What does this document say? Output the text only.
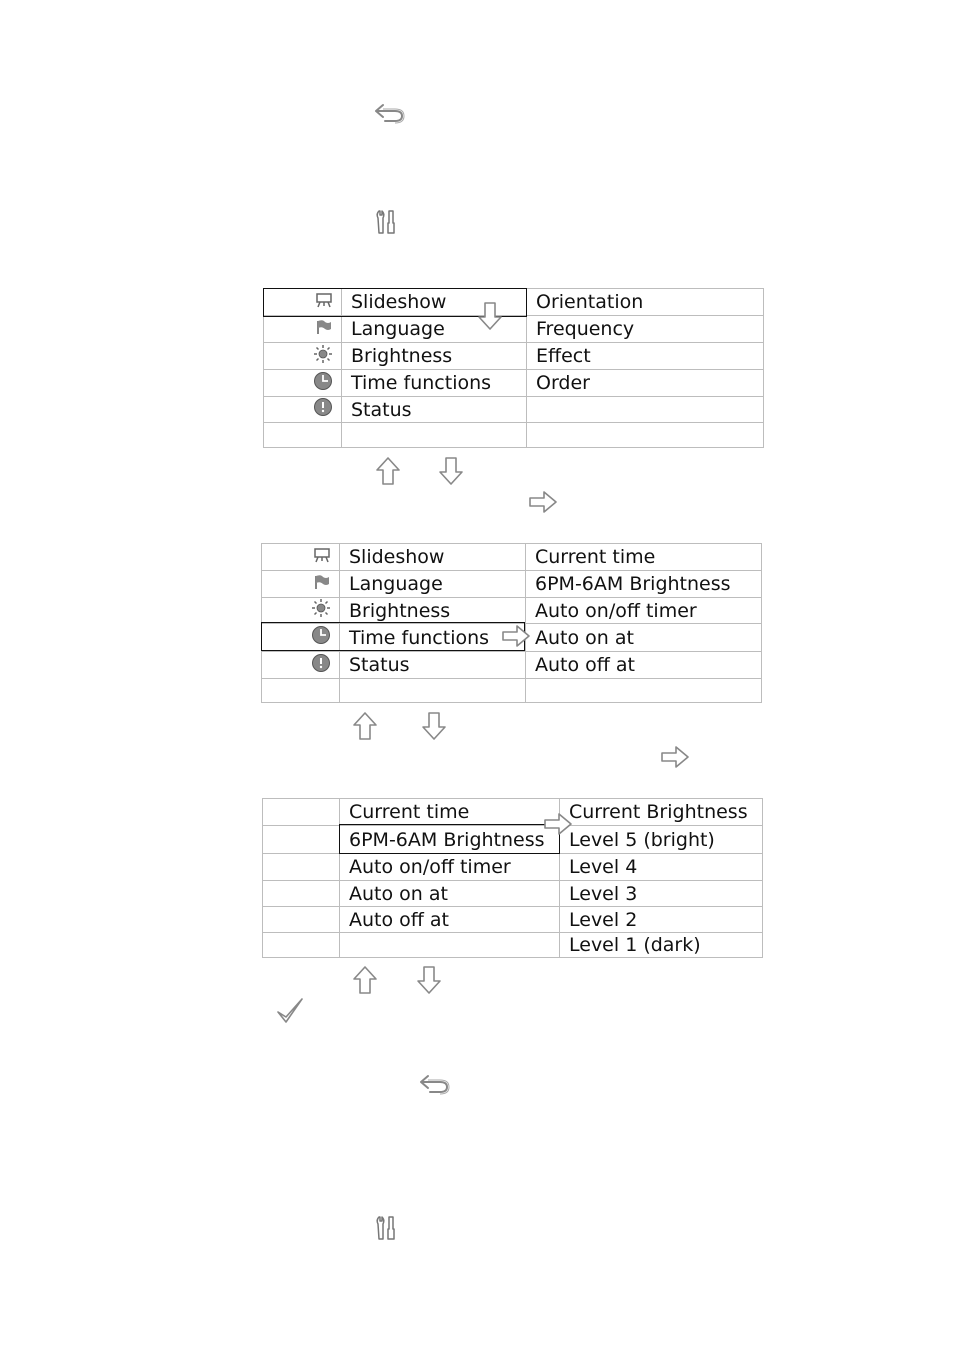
	Slideshow	Orientation
	Language	Frequency
	Brightness	Effect
	Time functions	Order
	Status	

	Slideshow	Current time
	Language	6PM-6AM Brightness
	Brightness	Auto on/off timer
	Time functions	Auto on at
	Status	Auto off at

	Current time	Current Brightness
	6PM-6AM Brightness	Level 5 (bright)
	Auto on/off timer	Level 4
	Auto on at	Level 3
	Auto off at	Level 2
		Level 1 (dark)
